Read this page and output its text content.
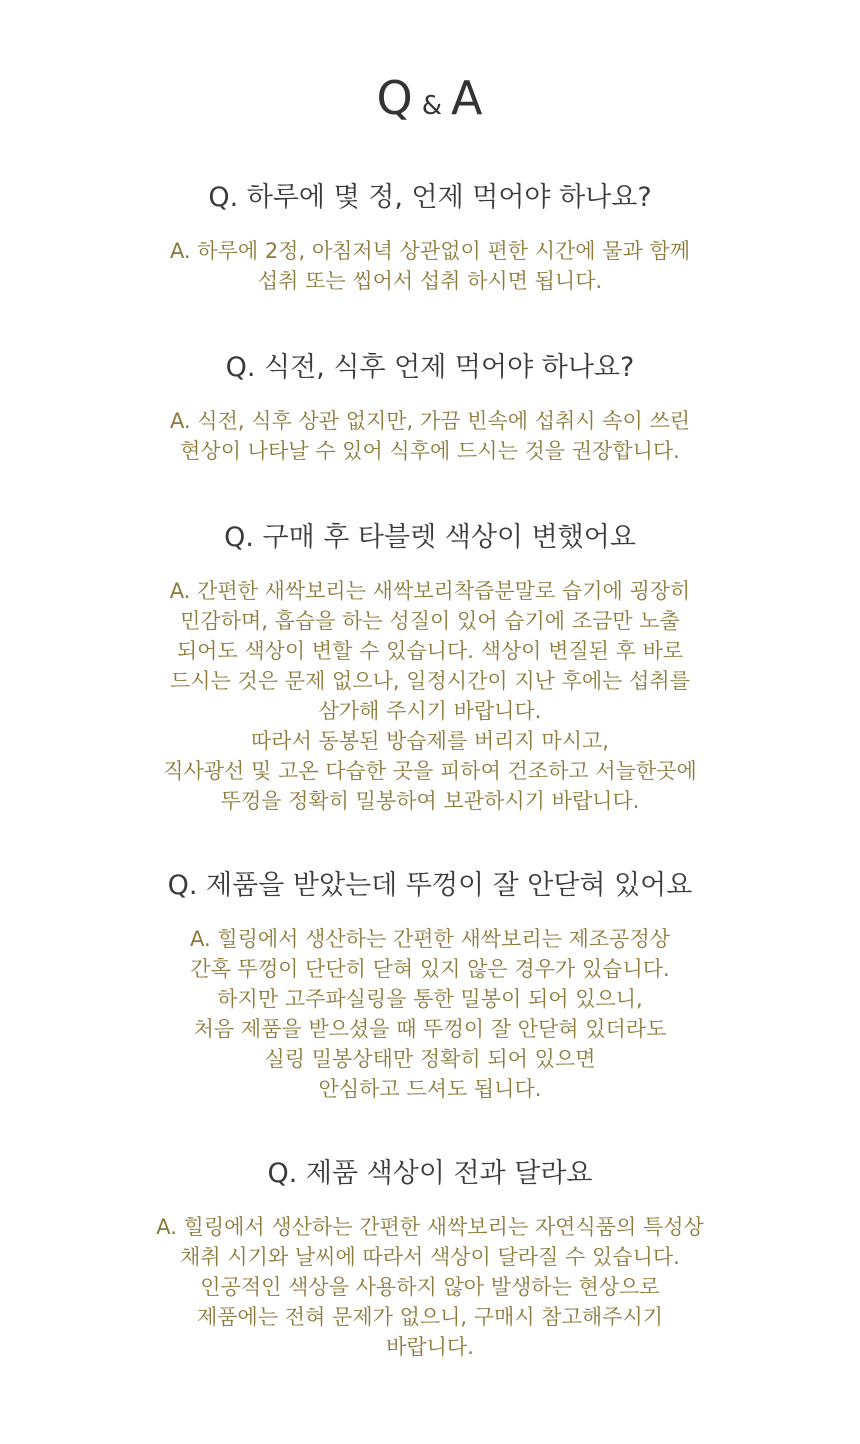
Q & A

Q. 하루에 몇 정, 언제 먹어야 하나요?

A. 하루에 2정, 아침저녁 상관없이 편한 시간에 물과 함께
섭취 또는 씹어서 섭취 하시면 됩니다.

Q. 식전, 식후 언제 먹어야 하나요?

A. 식전, 식후 상관 없지만, 가끔 빈속에 섭취시 속이 쓰린
현상이 나타날 수 있어 식후에 드시는 것을 권장합니다.

Q. 구매 후 타블렛 색상이 변했어요

A. 간편한 새싹보리는 새싹보리착즙분말로 습기에 굉장히
민감하며, 흡습을 하는 성질이 있어 습기에 조금만 노출
되어도 색상이 변할 수 있습니다. 색상이 변질된 후 바로
드시는 것은 문제 없으나, 일정시간이 지난 후에는 섭취를
삼가해 주시기 바랍니다.
따라서 동봉된 방습제를 버리지 마시고,
직사광선 및 고온 다습한 곳을 피하여 건조하고 서늘한곳에
뚜껑을 정확히 밀봉하여 보관하시기 바랍니다.

Q. 제품을 받았는데 뚜껑이 잘 안닫혀 있어요

A. 힐링에서 생산하는 간편한 새싹보리는 제조공정상
간혹 뚜껑이 단단히 닫혀 있지 않은 경우가 있습니다.
하지만 고주파실링을 통한 밀봉이 되어 있으니,
처음 제품을 받으셨을 때 뚜껑이 잘 안닫혀 있더라도
실링 밀봉상태만 정확히 되어 있으면
안심하고 드셔도 됩니다.

Q. 제품 색상이 전과 달라요

A. 힐링에서 생산하는 간편한 새싹보리는 자연식품의 특성상
채취 시기와 날씨에 따라서 색상이 달라질 수 있습니다.
인공적인 색상을 사용하지 않아 발생하는 현상으로
제품에는 전혀 문제가 없으니, 구매시 참고해주시기
바랍니다.
